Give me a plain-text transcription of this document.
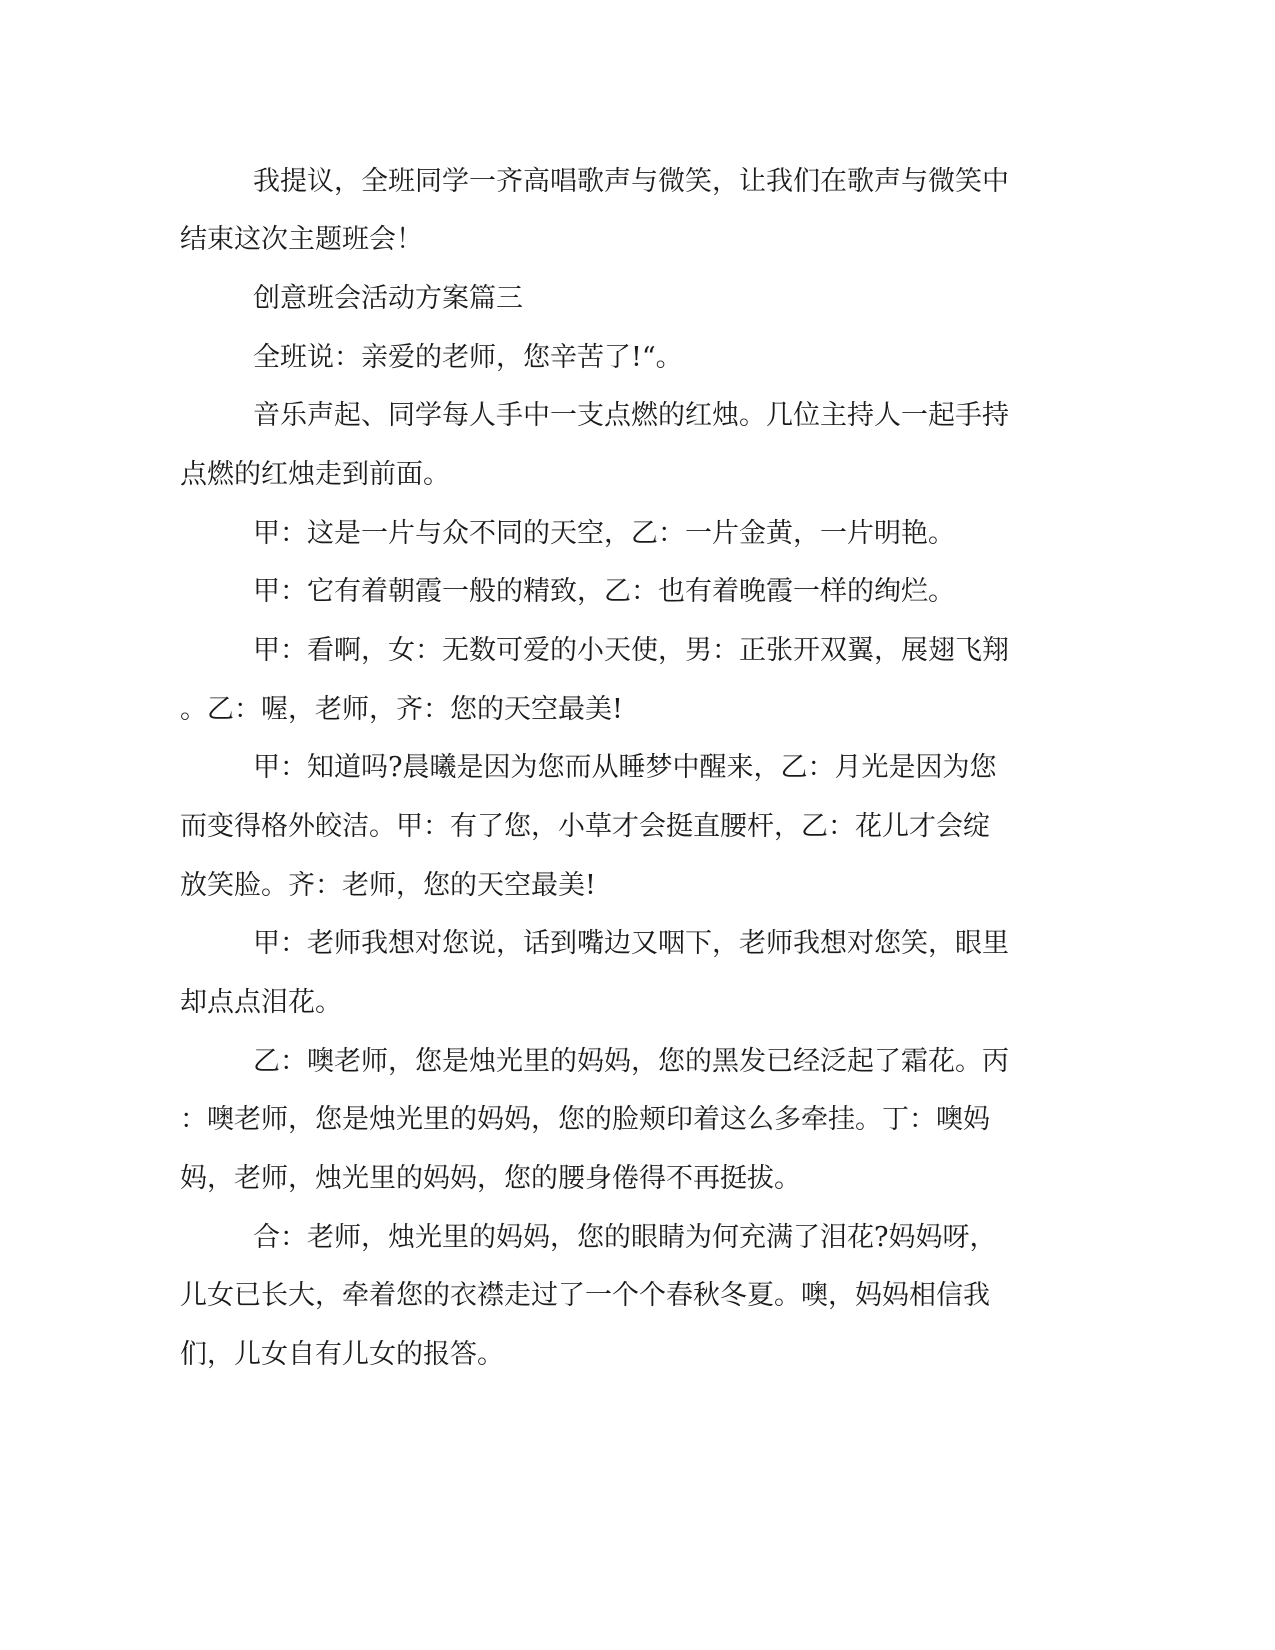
我提议，全班同学一齐高唱歌声与微笑，让我们在歌声与微笑中
结束这次主题班会！
创意班会活动方案篇三
全班说：亲爱的老师，您辛苦了!“。
音乐声起、同学每人手中一支点燃的红烛。几位主持人一起手持
点燃的红烛走到前面。
甲：这是一片与众不同的天空，乙：一片金黄，一片明艳。
甲：它有着朝霞一般的精致，乙：也有着晚霞一样的绚烂。
甲：看啊，女：无数可爱的小天使，男：正张开双翼，展翅飞翔
。乙：喔，老师，齐：您的天空最美!
甲：知道吗?晨曦是因为您而从睡梦中醒来，乙：月光是因为您
而变得格外皎洁。甲：有了您，小草才会挺直腰杆，乙：花儿才会绽
放笑脸。齐：老师，您的天空最美!
甲：老师我想对您说，话到嘴边又咽下，老师我想对您笑，眼里
却点点泪花。
乙：噢老师，您是烛光里的妈妈，您的黑发已经泛起了霜花。丙
：噢老师，您是烛光里的妈妈，您的脸颊印着这么多牵挂。丁：噢妈
妈，老师，烛光里的妈妈，您的腰身倦得不再挺拔。
合：老师，烛光里的妈妈，您的眼睛为何充满了泪花?妈妈呀，
儿女已长大，牵着您的衣襟走过了一个个春秋冬夏。噢，妈妈相信我
们，儿女自有儿女的报答。
